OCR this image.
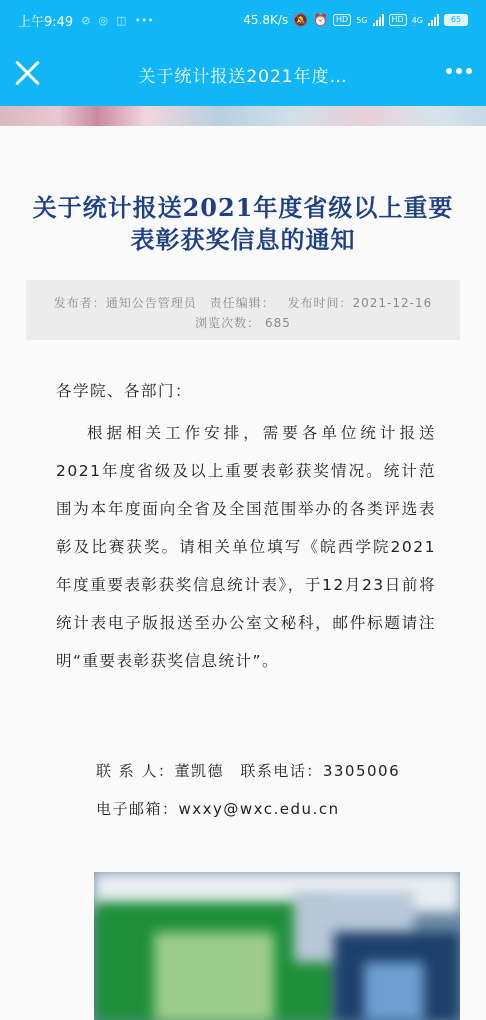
上午9:49 ⊘ ◎ ◫ •••	45.8K/s 🔕 ⏰	HD	5G	HD	4G	65
关于统计报送2021年度…
关于统计报送2021年度省级以上重要表彰获奖信息的通知
发布者：通知公告管理员 责任编辑： 发布时间：2021-12-16
浏览次数： 685
各学院、各部门：

根据相关工作安排，需要各单位统计报送2021年度省级及以上重要表彰获奖情况。统计范围为本年度面向全省及全国范围举办的各类评选表彰及比赛获奖。请相关单位填写《皖西学院2021年度重要表彰获奖信息统计表》，于12月23日前将统计表电子版报送至办公室文秘科，邮件标题请注明“重要表彰获奖信息统计”。

联 系 人：董凯德 联系电话：3305006
电子邮箱：wxxy@wxc.edu.cn
